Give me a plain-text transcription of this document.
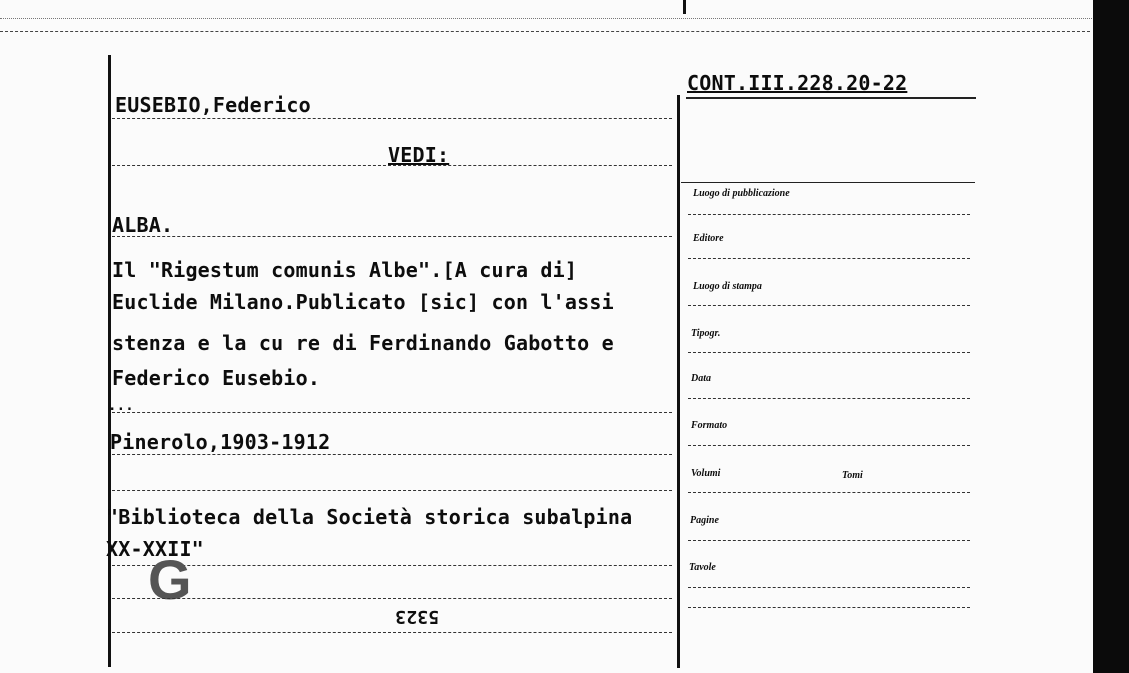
CONT.III.228.20-22
EUSEBIO,Federico
VEDI:
ALBA.
Il "Rigestum comunis Albe".[A cura di]
Euclide Milano.Publicato [sic] con l'assi
stenza e la cu re di Ferdinando Gabotto e
Federico Eusebio.
...
Pinerolo,1903-1912
"Biblioteca della Società storica subalpina
XX-XXII"
G
5323
Luogo di pubblicazione
Editore
Luogo di stampa
Tipogr.
Data
Formato
Volumi	Tomi
Pagine
Tavole
